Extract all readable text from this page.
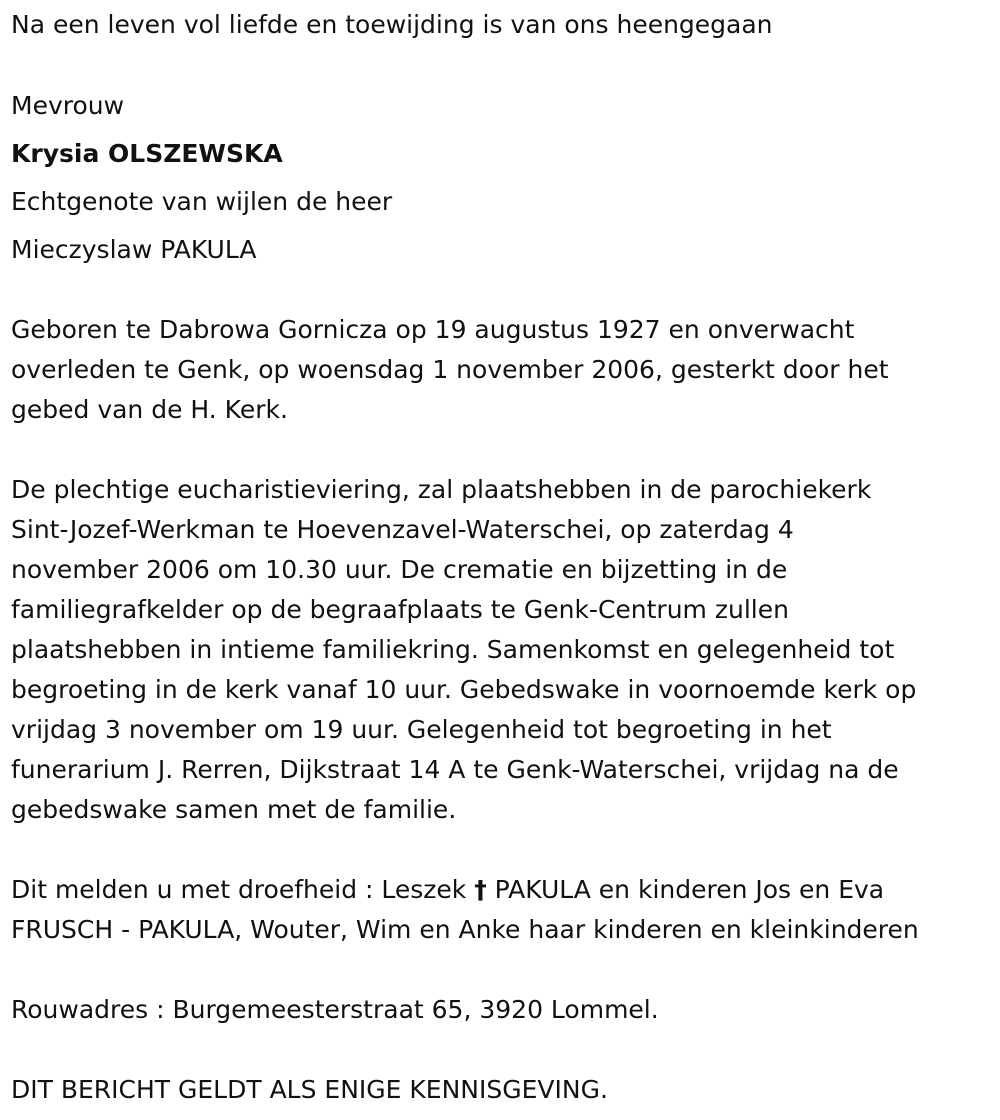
Na een leven vol liefde en toewijding is van ons heengegaan
Mevrouw
Krysia OLSZEWSKA
Echtgenote van wijlen de heer
Mieczyslaw PAKULA
Geboren te Dabrowa Gornicza op 19 augustus 1927 en onverwacht
overleden te Genk, op woensdag 1 november 2006, gesterkt door het
gebed van de H. Kerk.
De plechtige eucharistieviering, zal plaatshebben in de parochiekerk
Sint-Jozef-Werkman te Hoevenzavel-Waterschei, op zaterdag 4
november 2006 om 10.30 uur. De crematie en bijzetting in de
familiegrafkelder op de begraafplaats te Genk-Centrum zullen
plaatshebben in intieme familiekring. Samenkomst en gelegenheid tot
begroeting in de kerk vanaf 10 uur. Gebedswake in voornoemde kerk op
vrijdag 3 november om 19 uur. Gelegenheid tot begroeting in het
funerarium J. Rerren, Dijkstraat 14 A te Genk-Waterschei, vrijdag na de
gebedswake samen met de familie.
Dit melden u met droefheid : Leszek † PAKULA en kinderen Jos en Eva
FRUSCH - PAKULA, Wouter, Wim en Anke haar kinderen en kleinkinderen
Rouwadres : Burgemeesterstraat 65, 3920 Lommel.
DIT BERICHT GELDT ALS ENIGE KENNISGEVING.
